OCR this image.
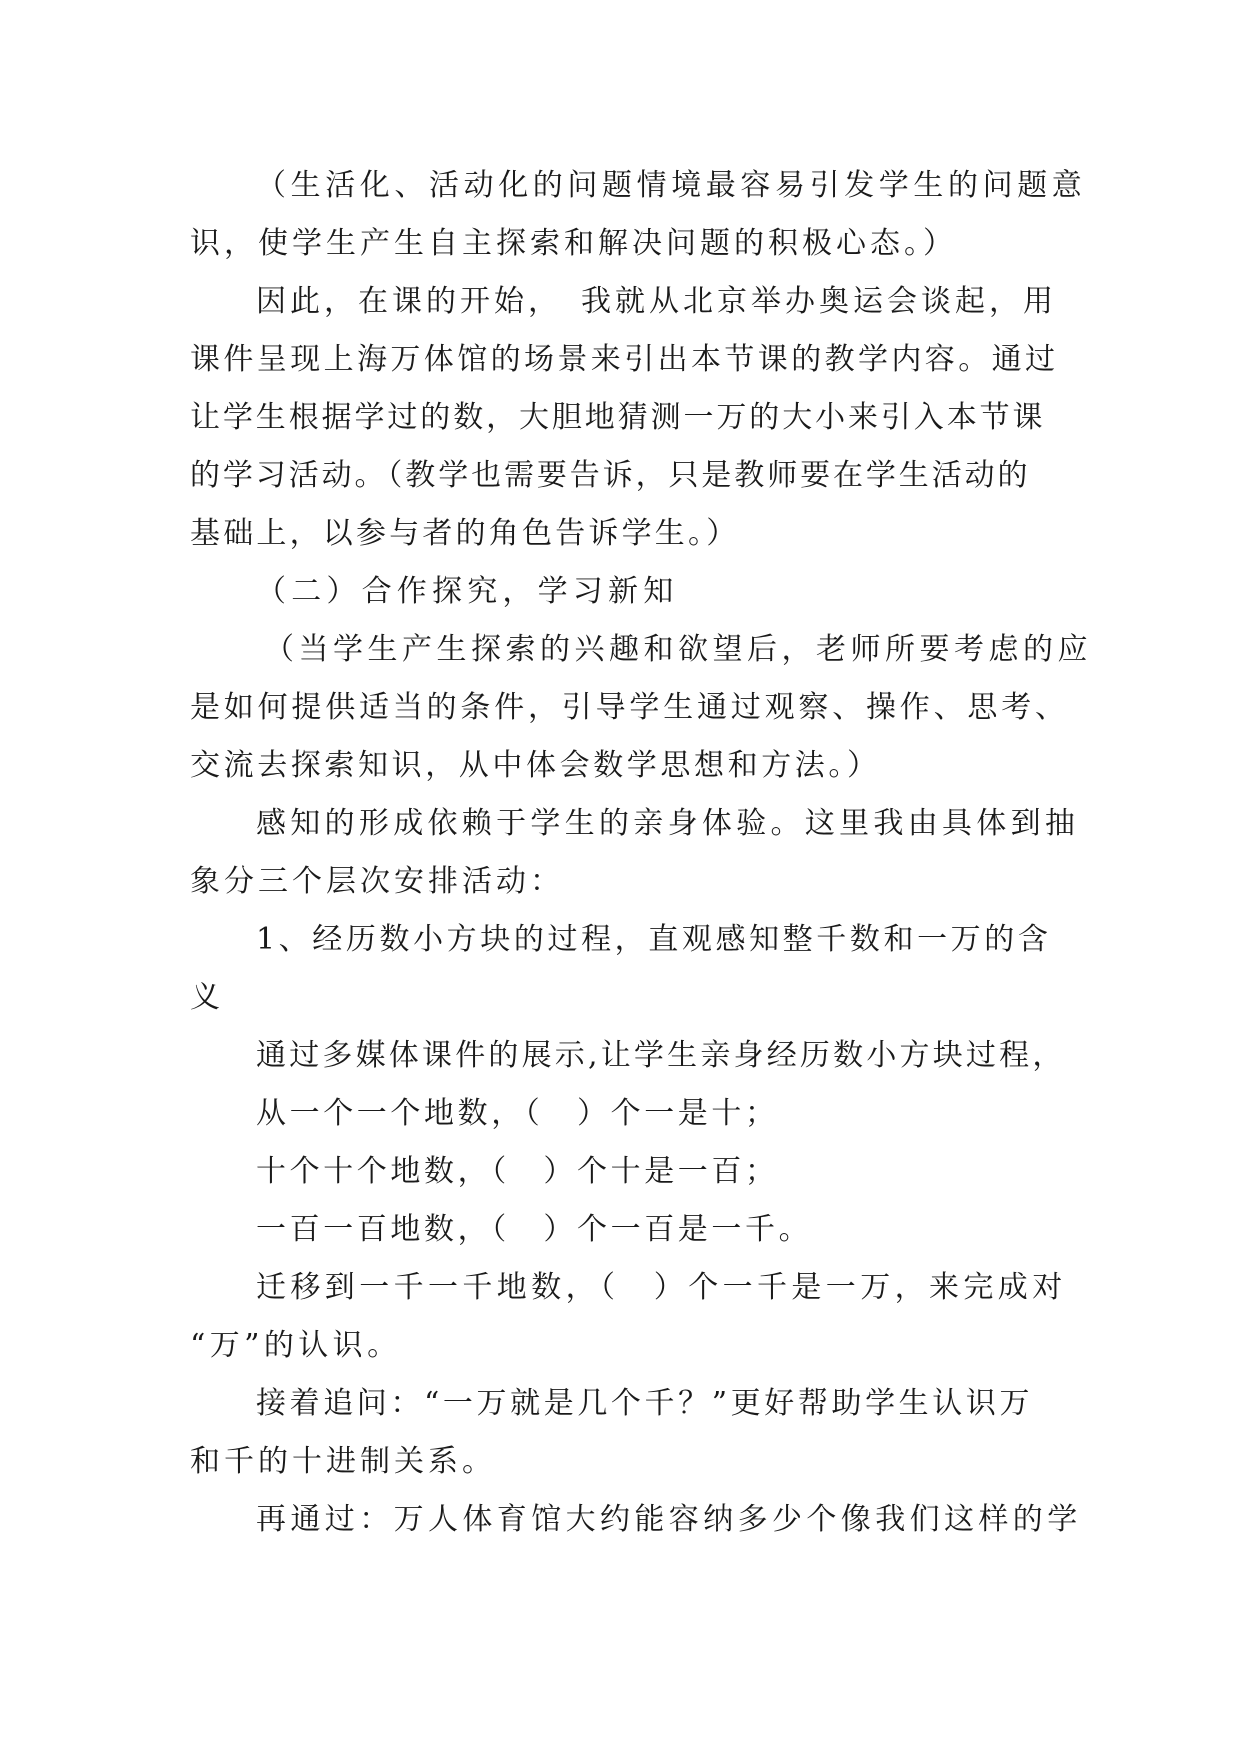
（生活化、活动化的问题情境最容易引发学生的问题意
识，使学生产生自主探索和解决问题的积极心态。）
因此，在课的开始，　我就从北京举办奥运会谈起，用
课件呈现上海万体馆的场景来引出本节课的教学内容。通过
让学生根据学过的数，大胆地猜测一万的大小来引入本节课
的学习活动。（教学也需要告诉，只是教师要在学生活动的
基础上，以参与者的角色告诉学生。）
（二）合作探究，学习新知
（当学生产生探索的兴趣和欲望后，老师所要考虑的应
是如何提供适当的条件，引导学生通过观察、操作、思考、
交流去探索知识，从中体会数学思想和方法。）
感知的形成依赖于学生的亲身体验。这里我由具体到抽
象分三个层次安排活动：
1、经历数小方块的过程，直观感知整千数和一万的含
义
通过多媒体课件的展示,让学生亲身经历数小方块过程，
从一个一个地数，（　）个一是十；
十个十个地数，（　）个十是一百；
一百一百地数，（　）个一百是一千。
迁移到一千一千地数，（　）个一千是一万，来完成对
“万”的认识。
接着追问：“一万就是几个千？”更好帮助学生认识万
和千的十进制关系。
再通过：万人体育馆大约能容纳多少个像我们这样的学
